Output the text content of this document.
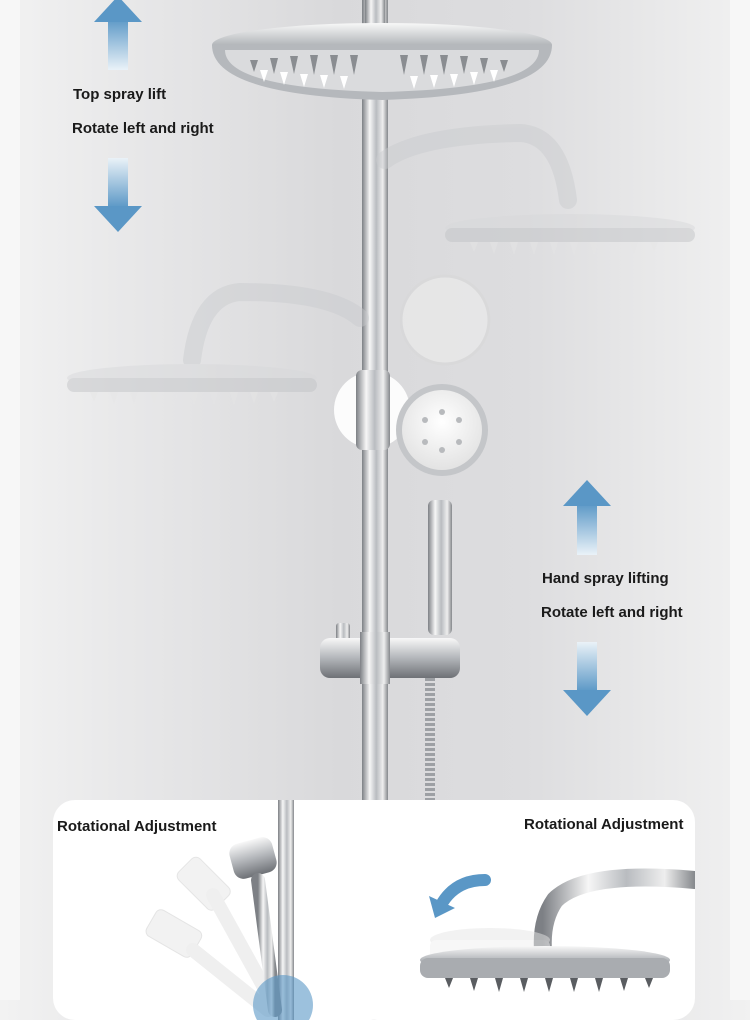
Top spray lift
Rotate left and right
Hand spray lifting
Rotate left and right
Rotational Adjustment	Rotational Adjustment
